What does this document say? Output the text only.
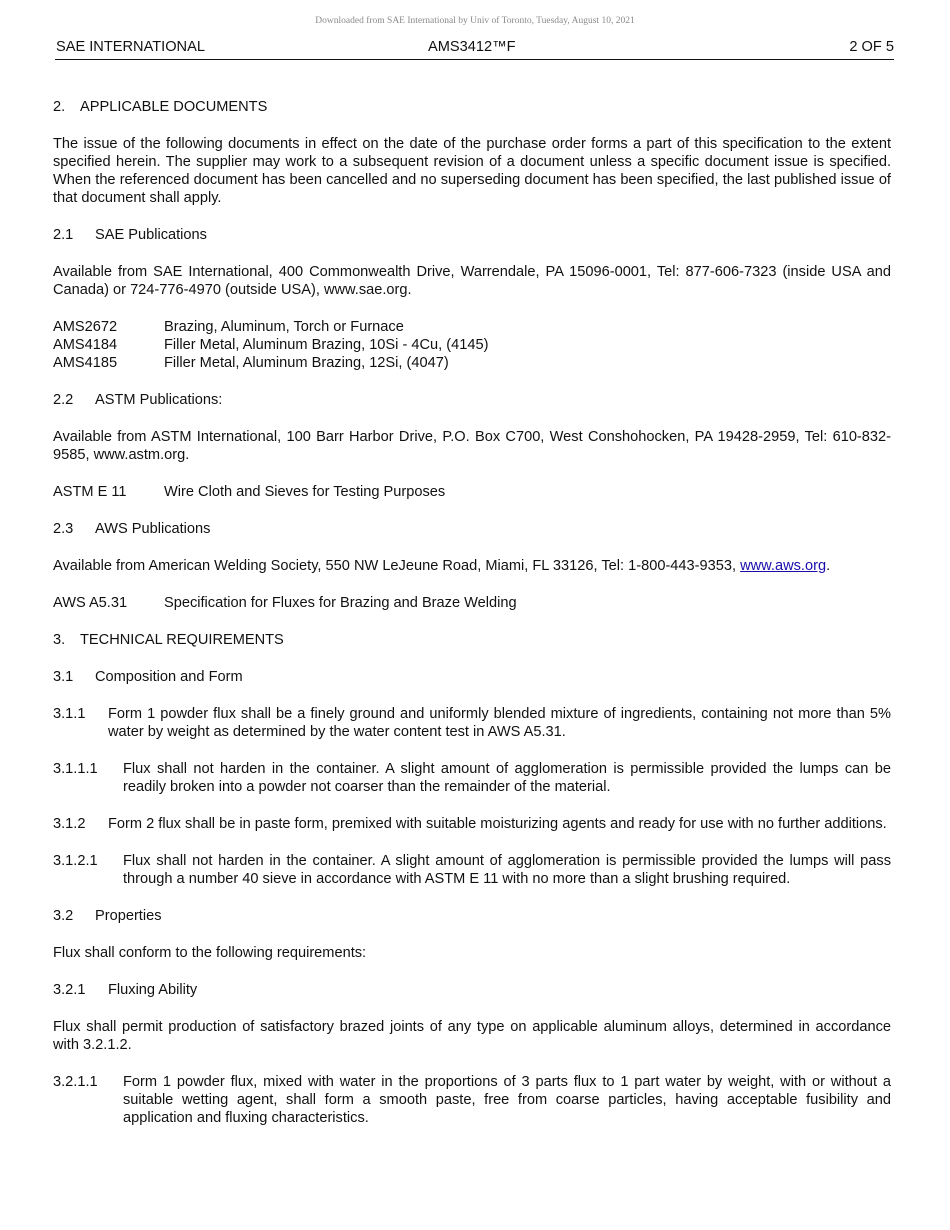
Downloaded from SAE International by Univ of Toronto, Tuesday, August 10, 2021
SAE INTERNATIONAL	AMS3412™F	2 OF 5
2. APPLICABLE DOCUMENTS

The issue of the following documents in effect on the date of the purchase order forms a part of this specification to the extent specified herein. The supplier may work to a subsequent revision of a document unless a specific document issue is specified. When the referenced document has been cancelled and no superseding document has been specified, the last published issue of that document shall apply.

2.1 SAE Publications

Available from SAE International, 400 Commonwealth Drive, Warrendale, PA 15096-0001, Tel: 877-606-7323 (inside USA and Canada) or 724-776-4970 (outside USA), www.sae.org.

AMS2672	Brazing, Aluminum, Torch or Furnace
AMS4184	Filler Metal, Aluminum Brazing, 10Si - 4Cu, (4145)
AMS4185	Filler Metal, Aluminum Brazing, 12Si, (4047)
2.2 ASTM Publications:

Available from ASTM International, 100 Barr Harbor Drive, P.O. Box C700, West Conshohocken, PA 19428-2959, Tel: 610-832-9585, www.astm.org.

ASTM E 11	Wire Cloth and Sieves for Testing Purposes
2.3 AWS Publications

Available from American Welding Society, 550 NW LeJeune Road, Miami, FL 33126, Tel: 1-800-443-9353, www.aws.org.

AWS A5.31	Specification for Fluxes for Brazing and Braze Welding
3. TECHNICAL REQUIREMENTS
3.1 Composition and Form
3.1.1	Form 1 powder flux shall be a finely ground and uniformly blended mixture of ingredients, containing not more than 5% water by weight as determined by the water content test in AWS A5.31.
3.1.1.1	Flux shall not harden in the container. A slight amount of agglomeration is permissible provided the lumps can be readily broken into a powder not coarser than the remainder of the material.
3.1.2	Form 2 flux shall be in paste form, premixed with suitable moisturizing agents and ready for use with no further additions.
3.1.2.1	Flux shall not harden in the container. A slight amount of agglomeration is permissible provided the lumps will pass through a number 40 sieve in accordance with ASTM E 11 with no more than a slight brushing required.
3.2 Properties

Flux shall conform to the following requirements:

3.2.1 Fluxing Ability

Flux shall permit production of satisfactory brazed joints of any type on applicable aluminum alloys, determined in accordance with 3.2.1.2.

3.2.1.1	Form 1 powder flux, mixed with water in the proportions of 3 parts flux to 1 part water by weight, with or without a suitable wetting agent, shall form a smooth paste, free from coarse particles, having acceptable fusibility and application and fluxing characteristics.
